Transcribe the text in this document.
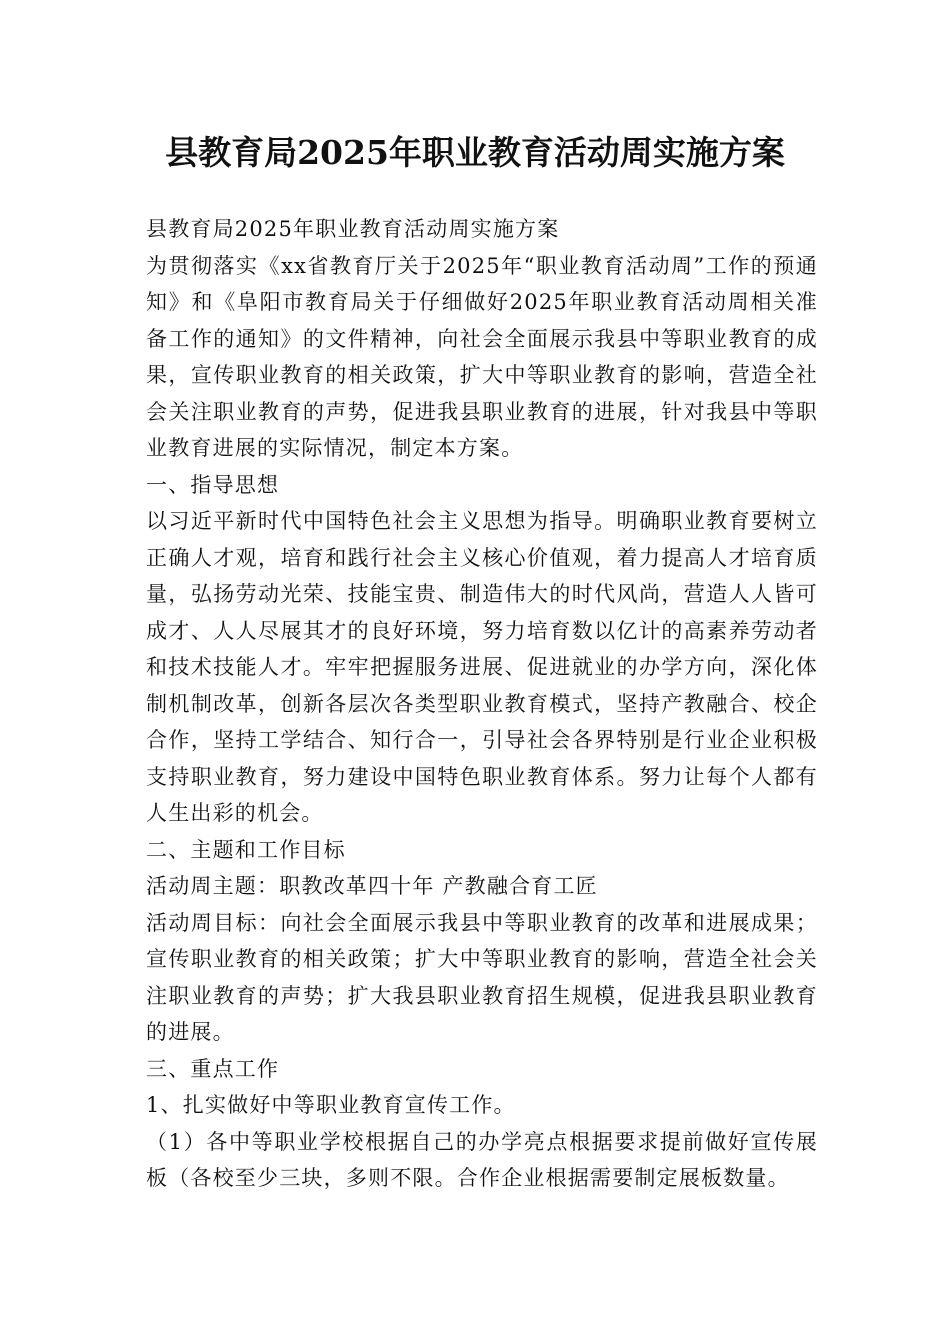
县教育局2025年职业教育活动周实施方案

县教育局2025年职业教育活动周实施方案

为贯彻落实《xx省教育厅关于2025年“职业教育活动周”工作的预通知》和《阜阳市教育局关于仔细做好2025年职业教育活动周相关准备工作的通知》的文件精神，向社会全面展示我县中等职业教育的成果，宣传职业教育的相关政策，扩大中等职业教育的影响，营造全社会关注职业教育的声势，促进我县职业教育的进展，针对我县中等职业教育进展的实际情况，制定本方案。

一、指导思想

以习近平新时代中国特色社会主义思想为指导。明确职业教育要树立正确人才观，培育和践行社会主义核心价值观，着力提高人才培育质量，弘扬劳动光荣、技能宝贵、制造伟大的时代风尚，营造人人皆可成才、人人尽展其才的良好环境，努力培育数以亿计的高素养劳动者和技术技能人才。牢牢把握服务进展、促进就业的办学方向，深化体制机制改革，创新各层次各类型职业教育模式，坚持产教融合、校企合作，坚持工学结合、知行合一，引导社会各界特别是行业企业积极支持职业教育，努力建设中国特色职业教育体系。努力让每个人都有人生出彩的机会。

二、主题和工作目标

活动周主题：职教改革四十年 产教融合育工匠

活动周目标：向社会全面展示我县中等职业教育的改革和进展成果；宣传职业教育的相关政策；扩大中等职业教育的影响，营造全社会关注职业教育的声势；扩大我县职业教育招生规模，促进我县职业教育的进展。

三、重点工作

1、扎实做好中等职业教育宣传工作。

（1）各中等职业学校根据自己的办学亮点根据要求提前做好宣传展板（各校至少三块，多则不限。合作企业根据需要制定展板数量。
